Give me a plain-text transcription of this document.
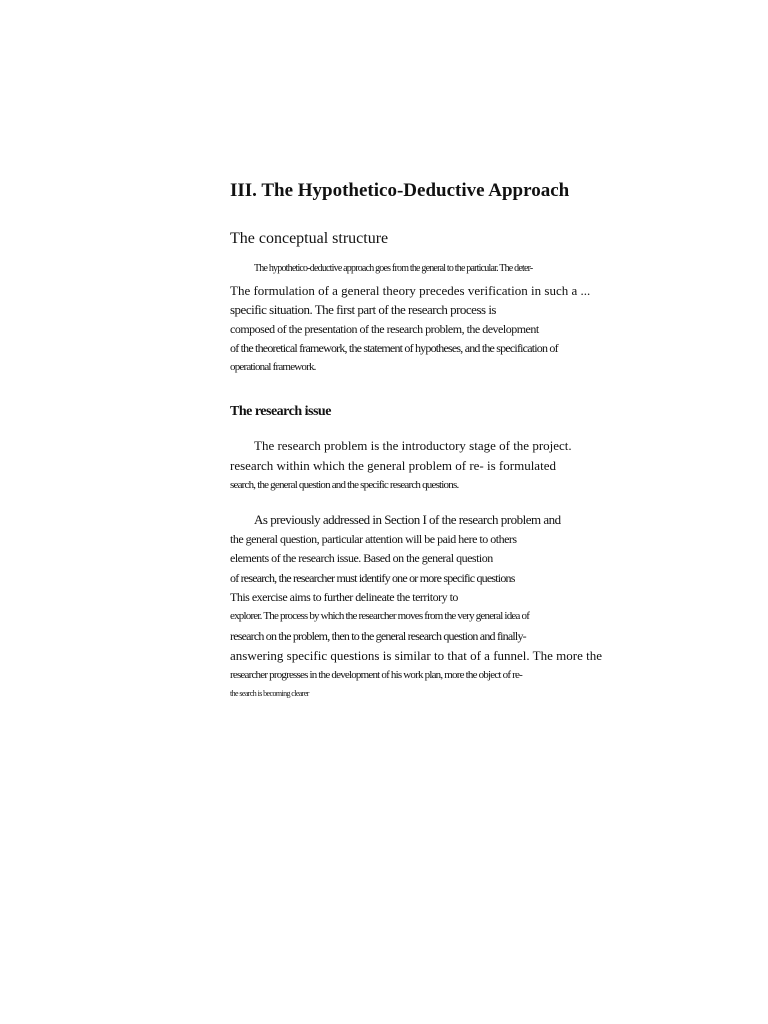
III. The Hypothetico-Deductive Approach
The conceptual structure
The hypothetico-deductive approach goes from the general to the particular. The deter-
The formulation of a general theory precedes verification in such a ...
specific situation. The first part of the research process is
composed of the presentation of the research problem, the development
of the theoretical framework, the statement of hypotheses, and the specification of
operational framework.
The research issue
The research problem is the introductory stage of the project.
research within which the general problem of re- is formulated
search, the general question and the specific research questions.
As previously addressed in Section I of the research problem and
the general question, particular attention will be paid here to others
elements of the research issue. Based on the general question
of research, the researcher must identify one or more specific questions
This exercise aims to further delineate the territory to
explorer. The process by which the researcher moves from the very general idea of
research on the problem, then to the general research question and finally-
answering specific questions is similar to that of a funnel. The more the
researcher progresses in the development of his work plan, more the object of re-
the search is becoming clearer
